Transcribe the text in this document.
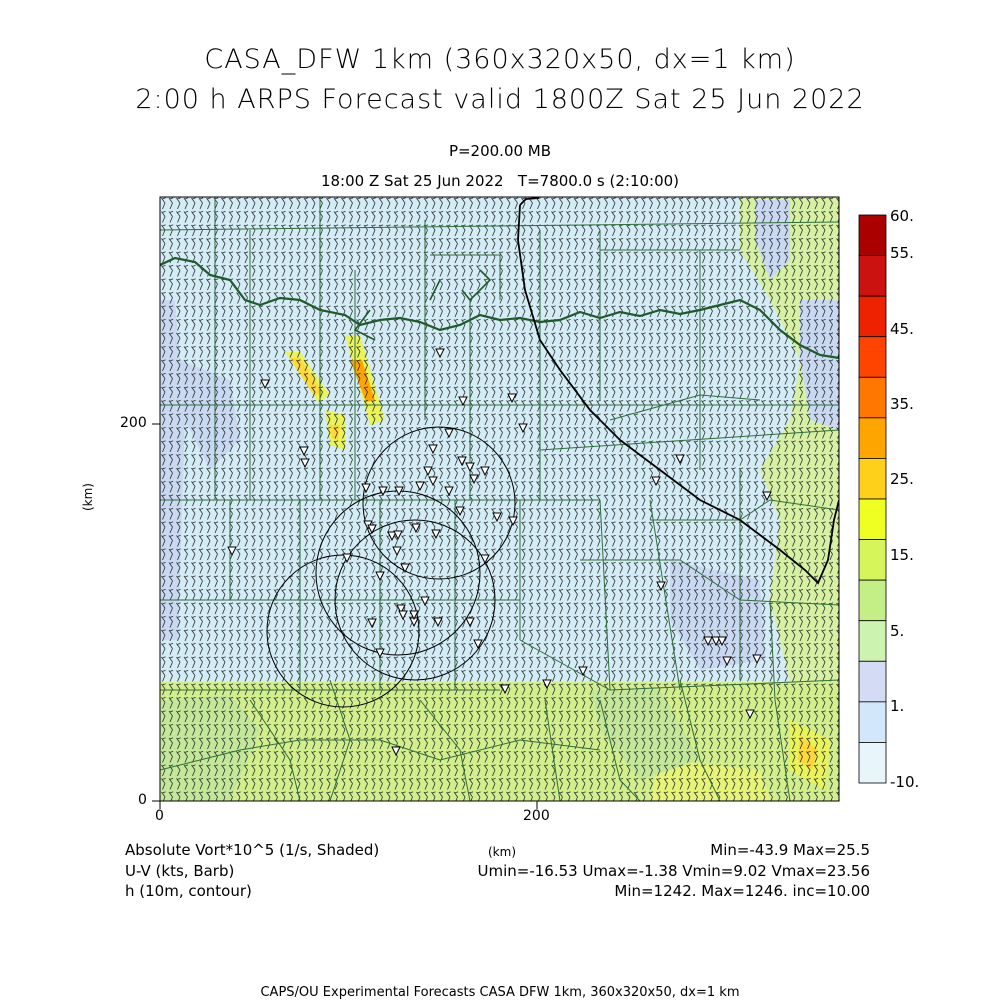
CASA_DFW 1km (360x320x50, dx=1 km)
2:00 h ARPS Forecast valid 1800Z Sat 25 Jun 2022
P=200.00 MB
18:00 Z Sat 25 Jun 2022 T=7800.0 s (2:10:00)
0
200
0	200
(km)
(km)
60.
55.
45.
35.
25.
15.
5.
1.
-10.
Absolute Vort*10^5 (1/s, Shaded)
U-V (kts, Barb)
h (10m, contour)
Min=-43.9 Max=25.5
Umin=-16.53 Umax=-1.38 Vmin=9.02 Vmax=23.56
Min=1242. Max=1246. inc=10.00
CAPS/OU Experimental Forecasts CASA DFW 1km, 360x320x50, dx=1 km
